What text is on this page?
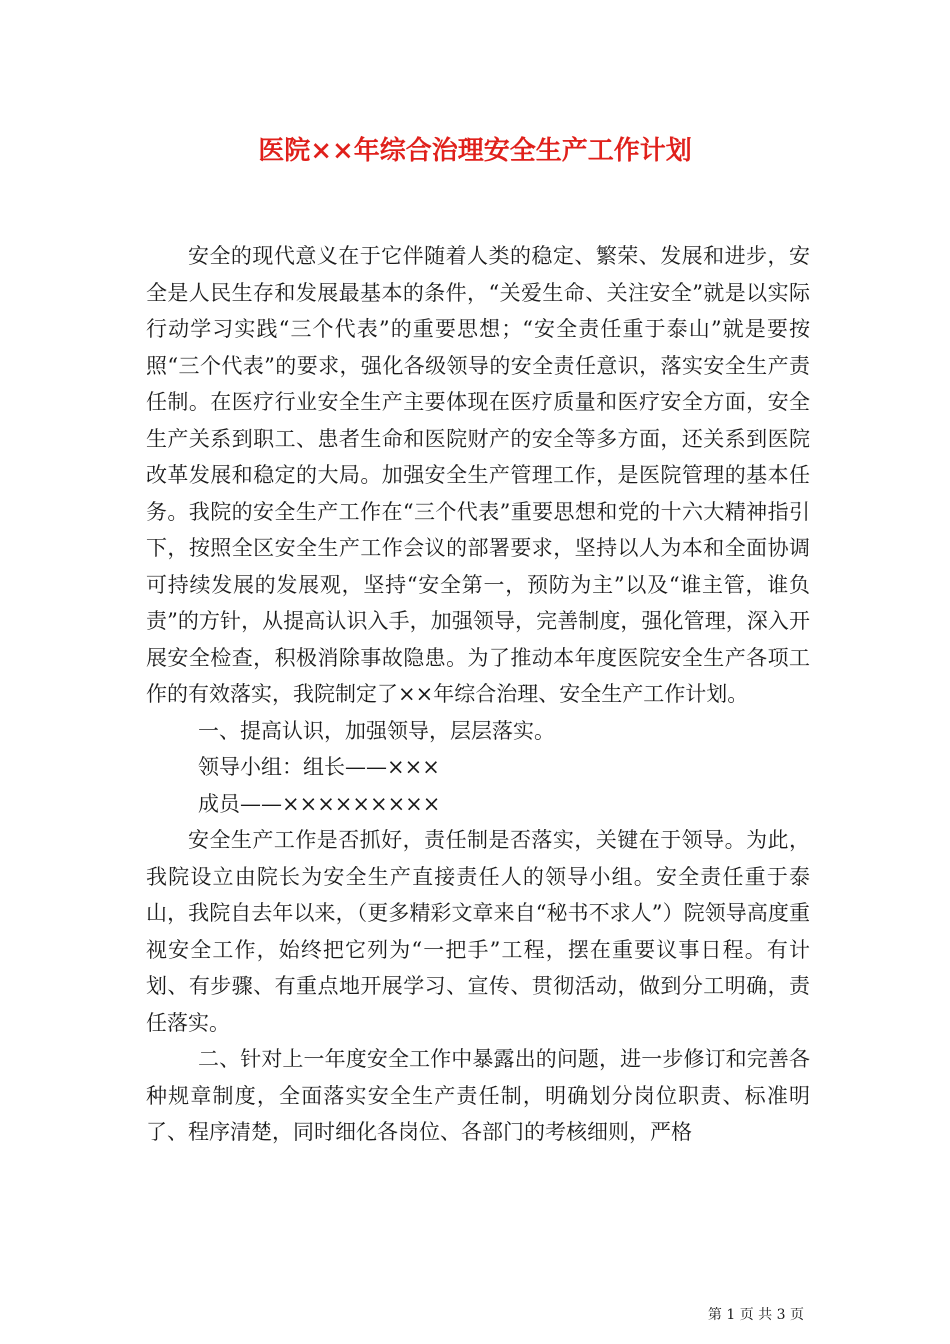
医院××年综合治理安全生产工作计划

安全的现代意义在于它伴随着人类的稳定、繁荣、发展和进步，安全是人民生存和发展最基本的条件，“关爱生命、关注安全”就是以实际行动学习实践“三个代表”的重要思想；“安全责任重于泰山”就是要按照“三个代表”的要求，强化各级领导的安全责任意识，落实安全生产责任制。在医疗行业安全生产主要体现在医疗质量和医疗安全方面，安全生产关系到职工、患者生命和医院财产的安全等多方面，还关系到医院改革发展和稳定的大局。加强安全生产管理工作，是医院管理的基本任务。我院的安全生产工作在“三个代表”重要思想和党的十六大精神指引下，按照全区安全生产工作会议的部署要求，坚持以人为本和全面协调可持续发展的发展观，坚持“安全第一，预防为主”以及“谁主管，谁负责”的方针，从提高认识入手，加强领导，完善制度，强化管理，深入开展安全检查，积极消除事故隐患。为了推动本年度医院安全生产各项工作的有效落实，我院制定了××年综合治理、安全生产工作计划。

一、提高认识，加强领导，层层落实。

领导小组：组长——×××

成员——×××××××××

安全生产工作是否抓好，责任制是否落实，关键在于领导。为此，我院设立由院长为安全生产直接责任人的领导小组。安全责任重于泰山，我院自去年以来，（更多精彩文章来自“秘书不求人”）院领导高度重视安全工作，始终把它列为“一把手”工程，摆在重要议事日程。有计划、有步骤、有重点地开展学习、宣传、贯彻活动，做到分工明确，责任落实。

二、针对上一年度安全工作中暴露出的问题，进一步修订和完善各种规章制度，全面落实安全生产责任制，明确划分岗位职责、标准明了、程序清楚，同时细化各岗位、各部门的考核细则，严格

第 1 页 共 3 页
